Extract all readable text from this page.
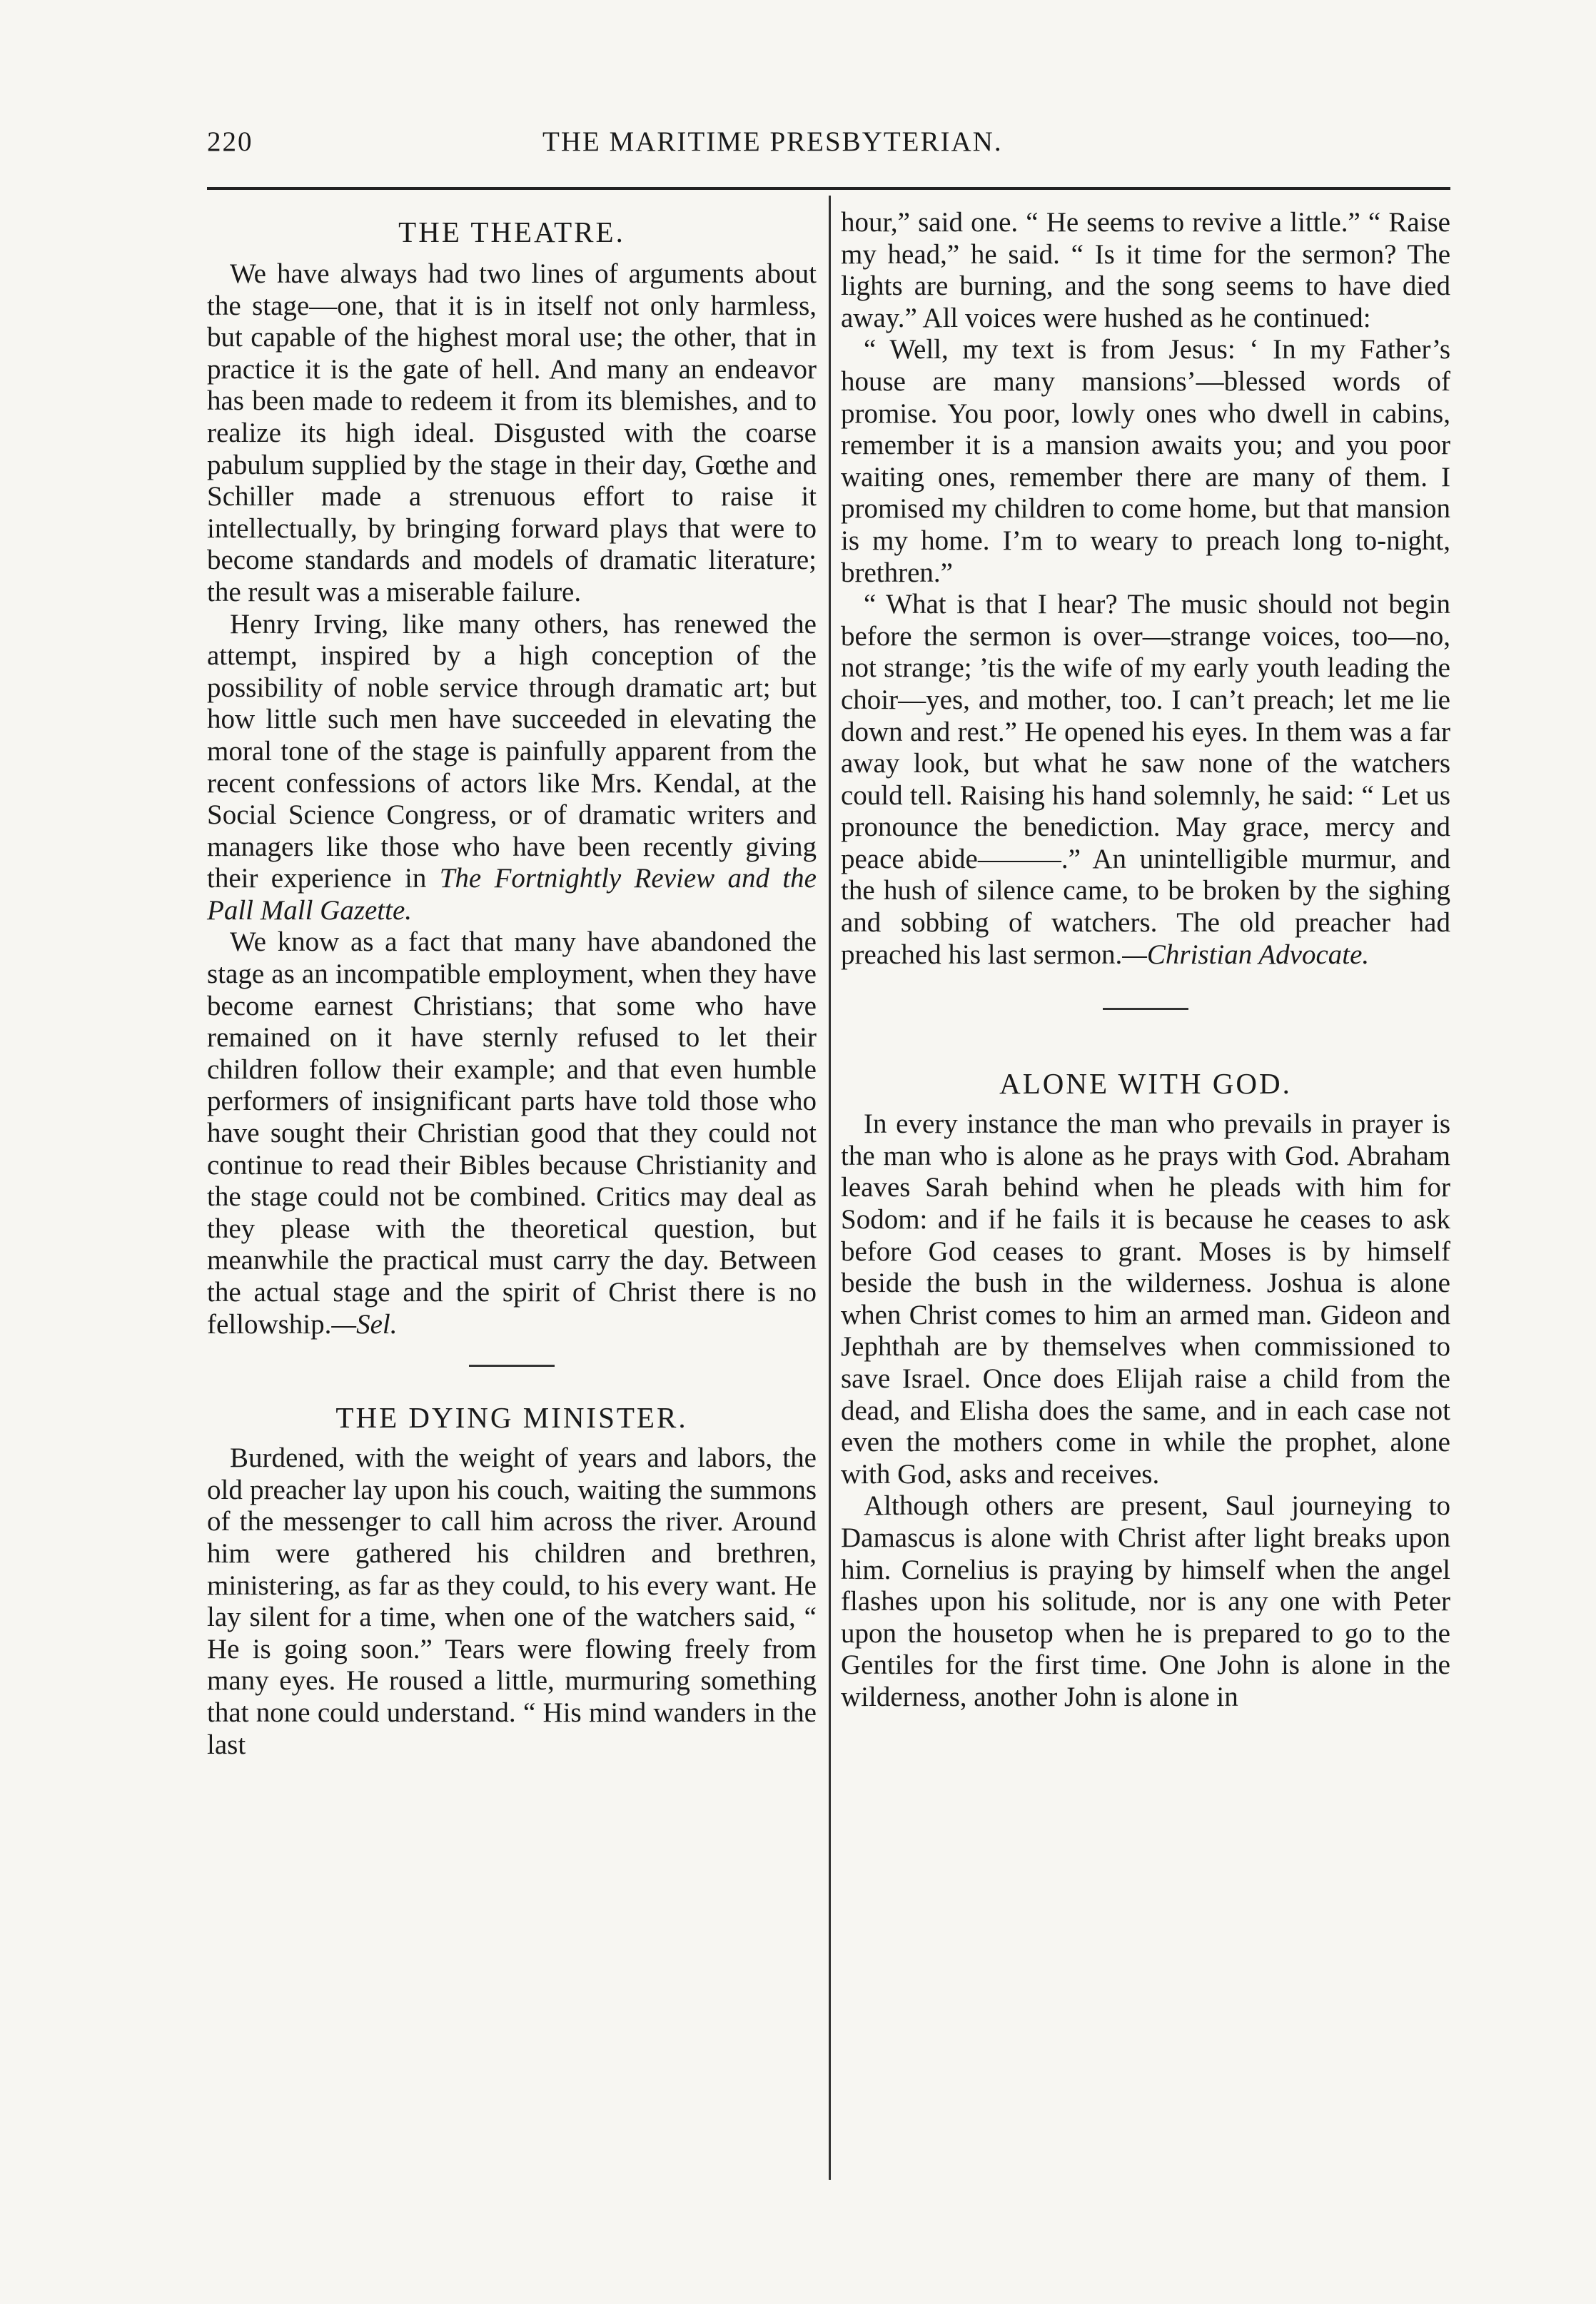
220	THE MARITIME PRESBYTERIAN.
THE THEATRE.

We have always had two lines of arguments about the stage—one, that it is in itself not only harmless, but capable of the highest moral use; the other, that in practice it is the gate of hell. And many an endeavor has been made to redeem it from its blemishes, and to realize its high ideal. Disgusted with the coarse pabulum supplied by the stage in their day, Gœthe and Schiller made a strenuous effort to raise it intellectually, by bringing forward plays that were to become standards and models of dramatic literature; the result was a miserable failure.

Henry Irving, like many others, has renewed the attempt, inspired by a high conception of the possibility of noble service through dramatic art; but how little such men have succeeded in elevating the moral tone of the stage is painfully apparent from the recent confessions of actors like Mrs. Kendal, at the Social Science Congress, or of dramatic writers and managers like those who have been recently giving their experience in The Fortnightly Review and the Pall Mall Gazette.

We know as a fact that many have abandoned the stage as an incompatible employment, when they have become earnest Christians; that some who have remained on it have sternly refused to let their children follow their example; and that even humble performers of insignificant parts have told those who have sought their Christian good that they could not continue to read their Bibles because Christianity and the stage could not be combined. Critics may deal as they please with the theoretical question, but meanwhile the practical must carry the day. Between the actual stage and the spirit of Christ there is no fellowship.—Sel.

THE DYING MINISTER.

Burdened, with the weight of years and labors, the old preacher lay upon his couch, waiting the summons of the messenger to call him across the river. Around him were gathered his children and brethren, ministering, as far as they could, to his every want. He lay silent for a time, when one of the watchers said, “ He is going soon.” Tears were flowing freely from many eyes. He roused a little, murmuring something that none could understand. “ His mind wanders in the last

hour,” said one. “ He seems to revive a little.” “ Raise my head,” he said. “ Is it time for the sermon? The lights are burning, and the song seems to have died away.” All voices were hushed as he continued:

“ Well, my text is from Jesus: ‘ In my Father’s house are many mansions’—blessed words of promise. You poor, lowly ones who dwell in cabins, remember it is a mansion awaits you; and you poor waiting ones, remember there are many of them. I promised my children to come home, but that mansion is my home. I’m to weary to preach long to-night, brethren.”

“ What is that I hear? The music should not begin before the sermon is over—strange voices, too—no, not strange; ’tis the wife of my early youth leading the choir—yes, and mother, too. I can’t preach; let me lie down and rest.” He opened his eyes. In them was a far away look, but what he saw none of the watchers could tell. Raising his hand solemnly, he said: “ Let us pronounce the benediction. May grace, mercy and peace abide———.” An unintelligible murmur, and the hush of silence came, to be broken by the sighing and sobbing of watchers. The old preacher had preached his last sermon.—Christian Advocate.

ALONE WITH GOD.

In every instance the man who prevails in prayer is the man who is alone as he prays with God. Abraham leaves Sarah behind when he pleads with him for Sodom: and if he fails it is because he ceases to ask before God ceases to grant. Moses is by himself beside the bush in the wilderness. Joshua is alone when Christ comes to him an armed man. Gideon and Jephthah are by themselves when commissioned to save Israel. Once does Elijah raise a child from the dead, and Elisha does the same, and in each case not even the mothers come in while the prophet, alone with God, asks and receives.

Although others are present, Saul journeying to Damascus is alone with Christ after light breaks upon him. Cornelius is praying by himself when the angel flashes upon his solitude, nor is any one with Peter upon the housetop when he is prepared to go to the Gentiles for the first time. One John is alone in the wilderness, another John is alone in
